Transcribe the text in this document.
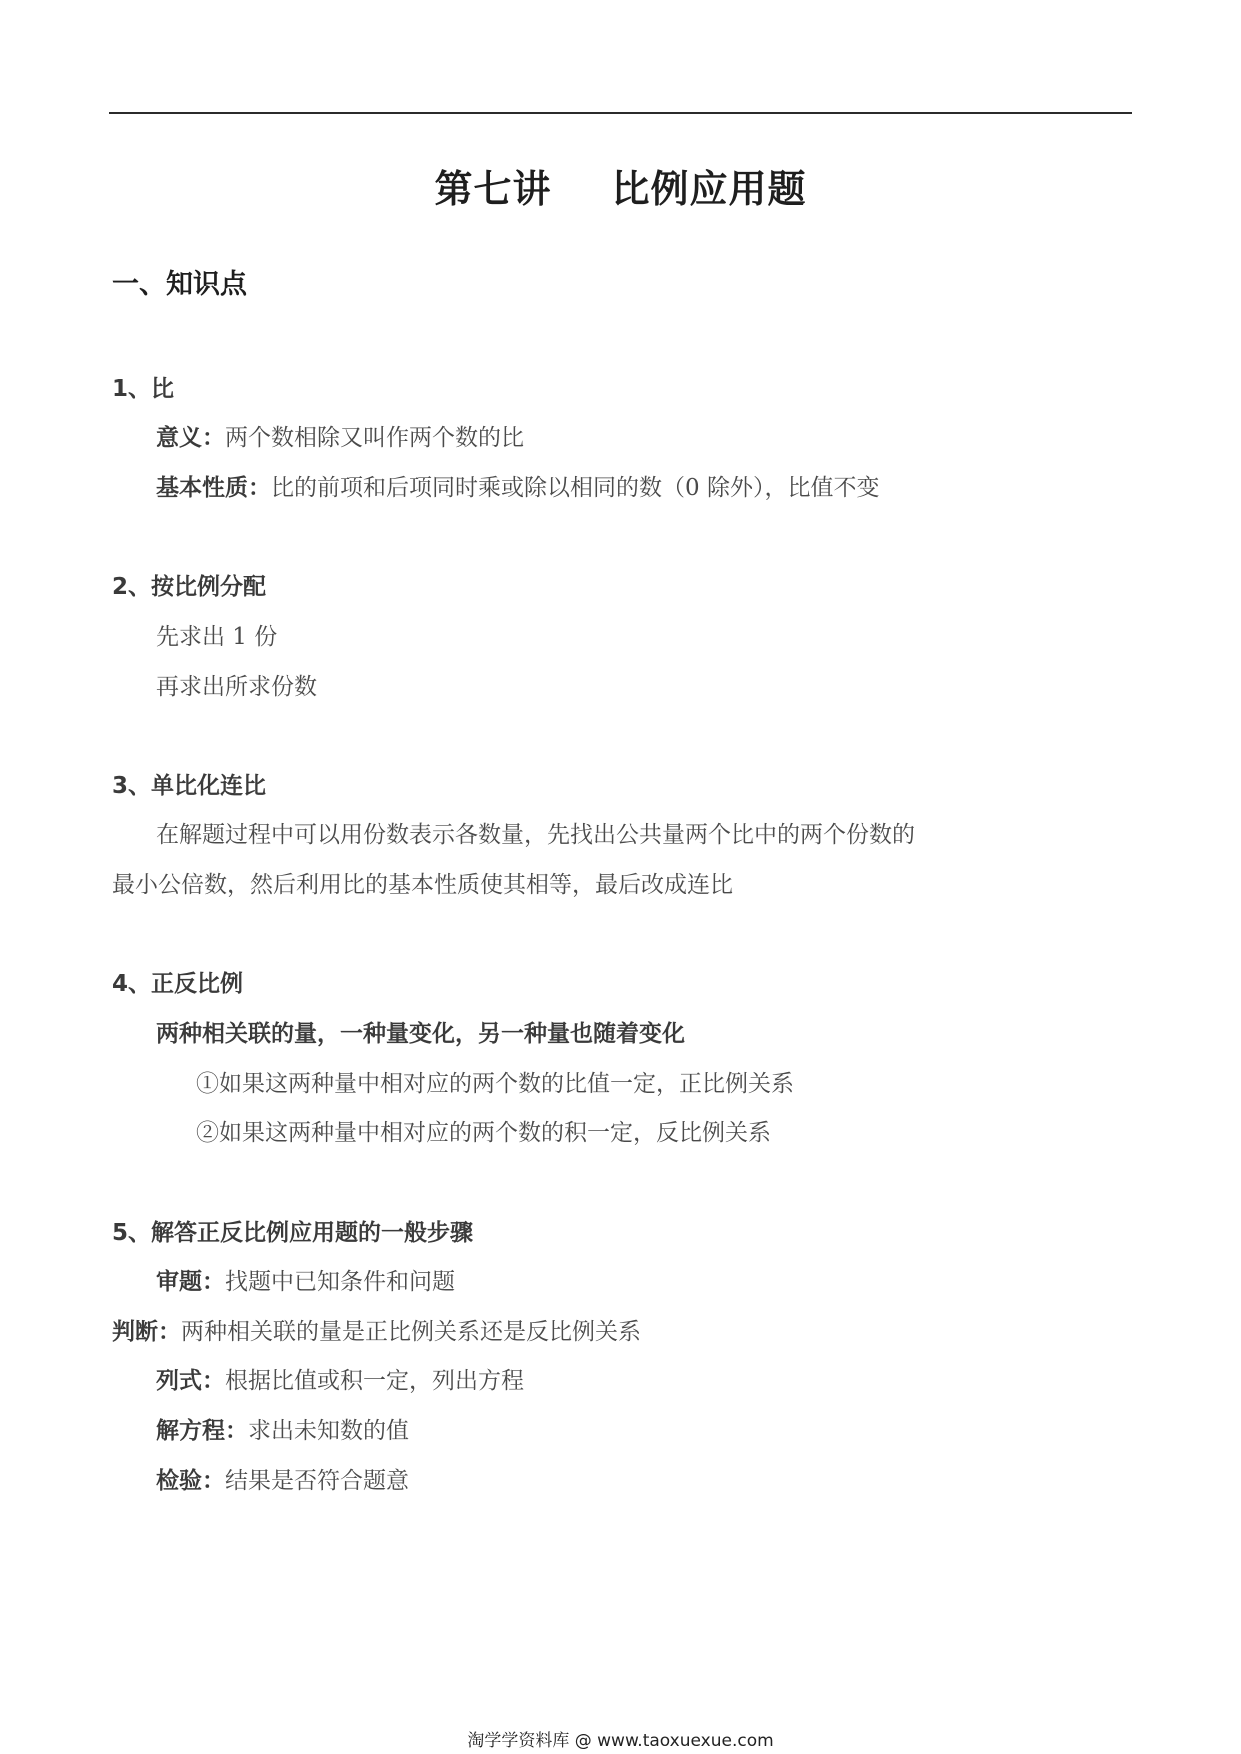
第七讲 比例应用题
一、知识点
1、比
意义：两个数相除又叫作两个数的比
基本性质：比的前项和后项同时乘或除以相同的数（0 除外），比值不变
2、按比例分配
先求出 1 份
再求出所求份数
3、单比化连比
在解题过程中可以用份数表示各数量，先找出公共量两个比中的两个份数的
最小公倍数，然后利用比的基本性质使其相等，最后改成连比
4、正反比例
两种相关联的量，一种量变化，另一种量也随着变化
①如果这两种量中相对应的两个数的比值一定，正比例关系
②如果这两种量中相对应的两个数的积一定，反比例关系
5、解答正反比例应用题的一般步骤
审题：找题中已知条件和问题
判断：两种相关联的量是正比例关系还是反比例关系
列式：根据比值或积一定，列出方程
解方程：求出未知数的值
检验：结果是否符合题意
淘学学资料库 @ www.taoxuexue.com
